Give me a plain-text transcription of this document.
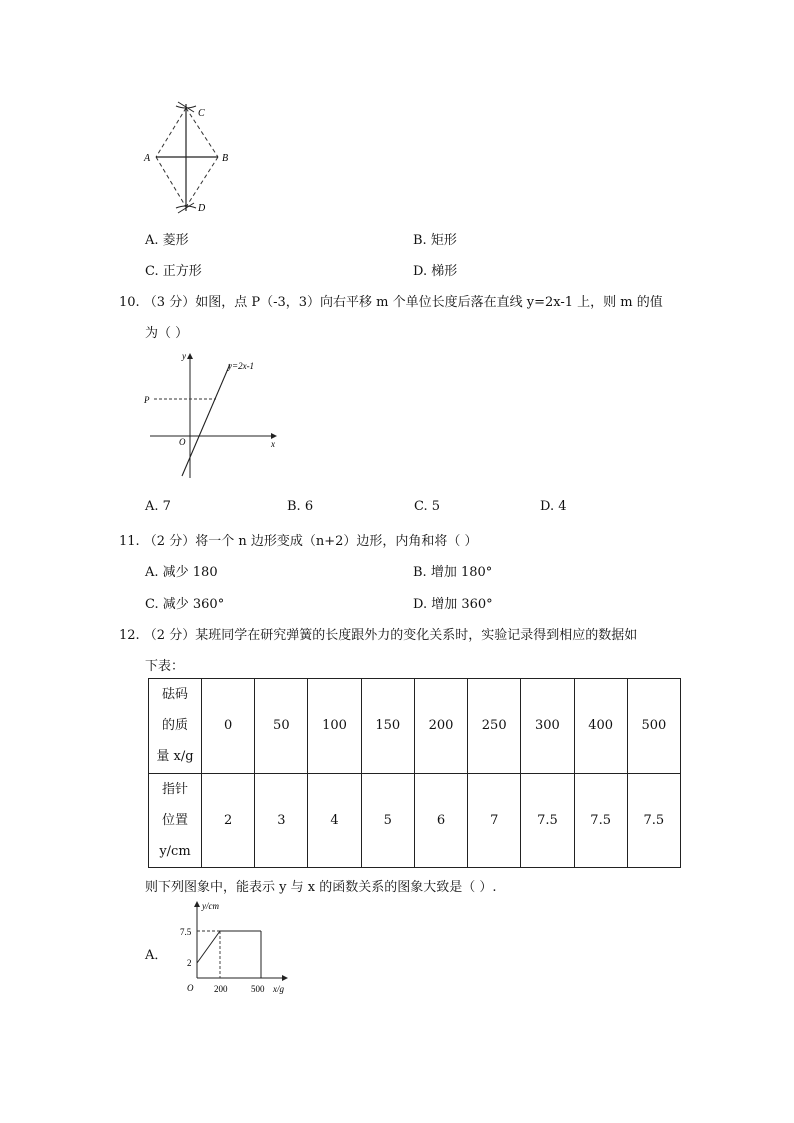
C
A	B
D
A. 菱形	B. 矩形
C. 正方形	D. 梯形
10. （3 分）如图，点 P（-3，3）向右平移 m 个单位长度后落在直线 y=2x-1 上，则 m 的值
为（ ）
y=2x-1
y
x
O
P
A. 7	B. 6	C. 5	D. 4
11. （2 分）将一个 n 边形变成（n+2）边形，内角和将（ ）
A. 减少 180	B. 增加 180°
C. 减少 360°	D. 增加 360°
12. （2 分）某班同学在研究弹簧的长度跟外力的变化关系时，实验记录得到相应的数据如
下表：
砝码
的质
量 x/g	0	50	100	150	200	250	300	400	500

指针
位置
y/cm	2	3	4	5	6	7	7.5	7.5	7.5
则下列图象中，能表示 y 与 x 的函数关系的图象大致是（ ）.
A．
y/cm
x/g
O
7.5
2
200	500
